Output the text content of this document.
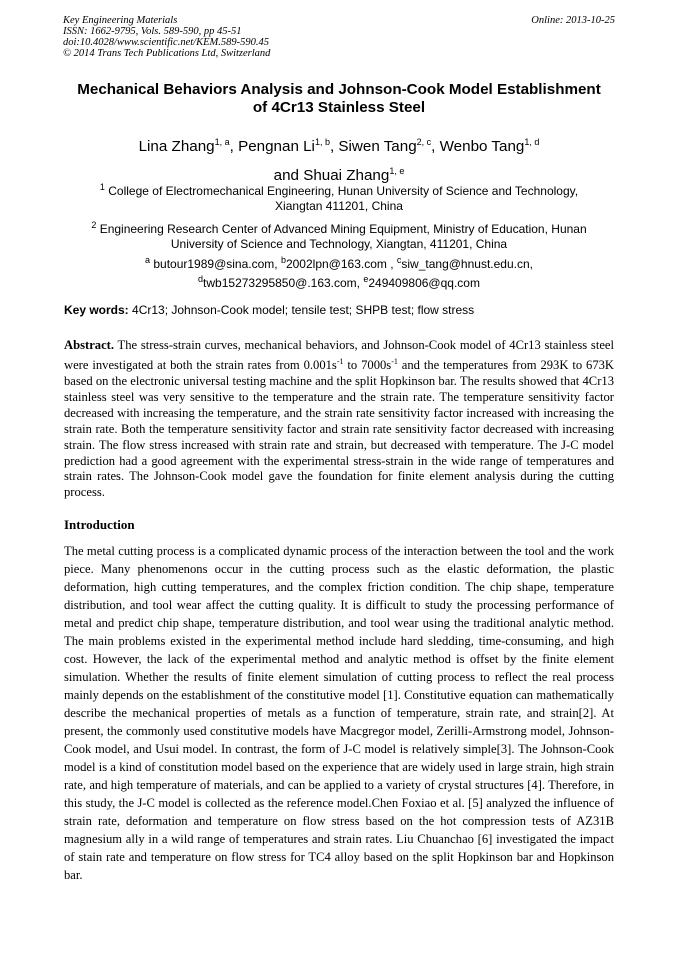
Key Engineering Materials
ISSN: 1662-9795, Vols. 589-590, pp 45-51
doi:10.4028/www.scientific.net/KEM.589-590.45
© 2014 Trans Tech Publications Ltd, Switzerland
Online: 2013-10-25
Mechanical Behaviors Analysis and Johnson-Cook Model Establishment
of 4Cr13 Stainless Steel
Lina Zhang$^{1, a}$, Pengnan Li$^{1, b}$, Siwen Tang$^{2, c}$, Wenbo Tang$^{1, d}$
and Shuai Zhang$^{1, e}$
$^1$ College of Electromechanical Engineering, Hunan University of Science and Technology,
Xiangtan 411201, China
$^2$ Engineering Research Center of Advanced Mining Equipment, Ministry of Education, Hunan
University of Science and Technology, Xiangtan, 411201, China
$^a$ butour1989@sina.com, $^b$2002lpn@163.com , $^c$siw_tang@hnust.edu.cn,
$^d$twb15273295850@.163.com, $^e$249409806@qq.com
Key words: 4Cr13; Johnson-Cook model; tensile test; SHPB test; flow stress
Abstract. The stress-strain curves, mechanical behaviors, and Johnson-Cook model of 4Cr13 stainless steel were investigated at both the strain rates from $0.001s^{-1}$ to $7000s^{-1}$ and the temperatures from 293K to 673K based on the electronic universal testing machine and the split Hopkinson bar. The results showed that 4Cr13 stainless steel was very sensitive to the temperature and the strain rate. The temperature sensitivity factor decreased with increasing the temperature, and the strain rate sensitivity factor increased with increasing the strain rate. Both the temperature sensitivity factor and strain rate sensitivity factor decreased with increasing strain. The flow stress increased with strain rate and strain, but decreased with temperature. The J-C model prediction had a good agreement with the experimental stress-strain in the wide range of temperatures and strain rates. The Johnson-Cook model gave the foundation for finite element analysis during the cutting process.
Introduction
The metal cutting process is a complicated dynamic process of the interaction between the tool and the work piece. Many phenomenons occur in the cutting process such as the elastic deformation, the plastic deformation, high cutting temperatures, and the complex friction condition. The chip shape, temperature distribution, and tool wear affect the cutting quality. It is difficult to study the processing performance of metal and predict chip shape, temperature distribution, and tool wear using the traditional analytic method. The main problems existed in the experimental method include hard sledding, time-consuming, and high cost. However, the lack of the experimental method and analytic method is offset by the finite element simulation. Whether the results of finite element simulation of cutting process to reflect the real process mainly depends on the establishment of the constitutive model [1]. Constitutive equation can mathematically describe the mechanical properties of metals as a function of temperature, strain rate, and strain[2]. At present, the commonly used constitutive models have Macgregor model, Zerilli-Armstrong model, Johnson-Cook model, and Usui model. In contrast, the form of J-C model is relatively simple[3]. The Johnson-Cook model is a kind of constitution model based on the experience that are widely used in large strain, high strain rate, and high temperature of materials, and can be applied to a variety of crystal structures [4]. Therefore, in this study, the J-C model is collected as the reference model.Chen Foxiao et al. [5] analyzed the influence of strain rate, deformation and temperature on flow stress based on the hot compression tests of AZ31B magnesium ally in a wild range of temperatures and strain rates. Liu Chuanchao [6] investigated the impact of stain rate and temperature on flow stress for TC4 alloy based on the split Hopkinson bar and Hopkinson bar.
